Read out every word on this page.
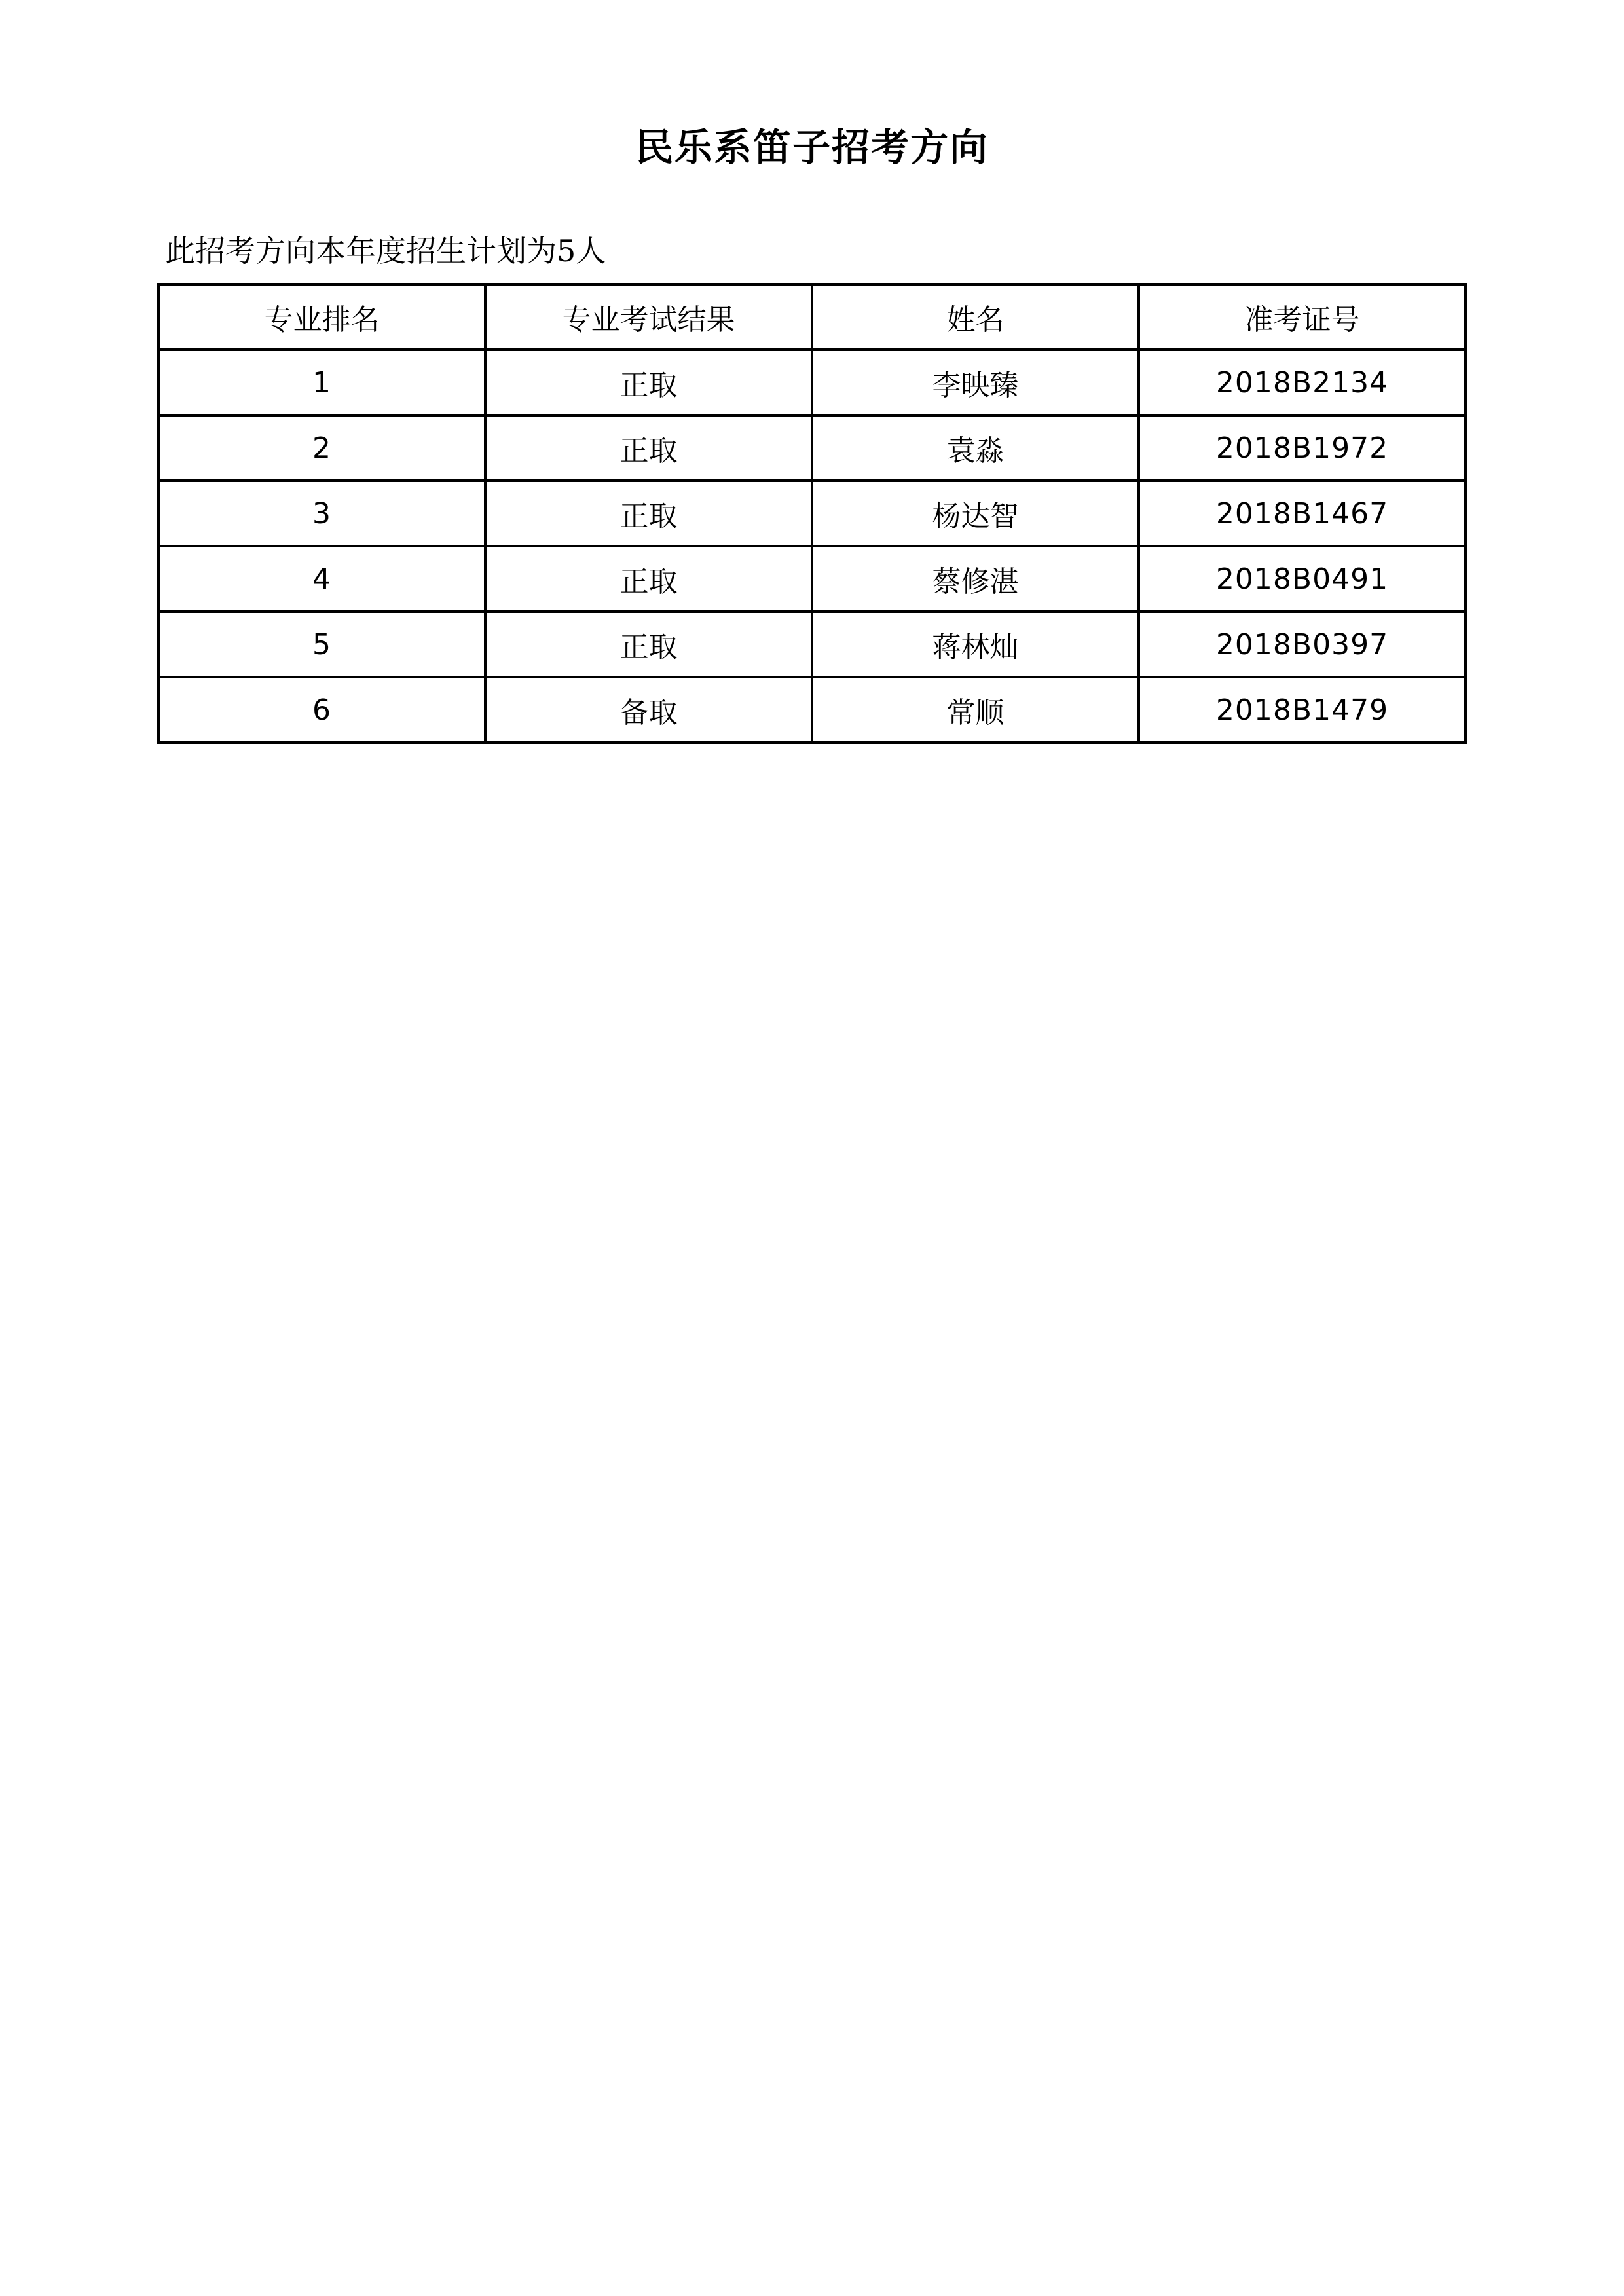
民乐系笛子招考方向
此招考方向本年度招生计划为5人
专业排名	专业考试结果	姓名	准考证号
1	正取	李映臻	2018B2134
2	正取	袁淼	2018B1972
3	正取	杨达智	2018B1467
4	正取	蔡修湛	2018B0491
5	正取	蒋林灿	2018B0397
6	备取	常顺	2018B1479
